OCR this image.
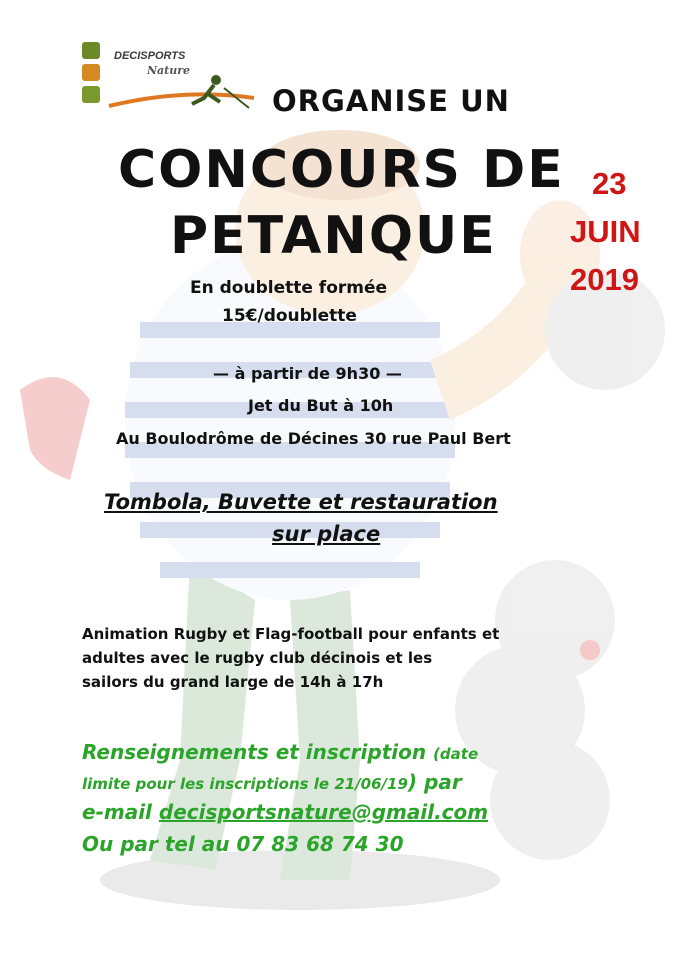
DECISPORTS
Nature
ORGANISE UN
CONCOURS DE
PETANQUE
En doublette formée
15€/doublette
23
JUIN
2019
— à partir de 9h30 —
Jet du But à 10h
Au Boulodrôme de Décines 30 rue Paul Bert
Tombola, Buvette et restauration
sur place
Animation Rugby et Flag-football pour enfants et
adultes avec le rugby club décinois et les
sailors du grand large de 14h à 17h
Renseignements et inscription (date
limite pour les inscriptions le 21/06/19) par
e-mail decisportsnature@gmail.com
Ou par tel au 07 83 68 74 30
